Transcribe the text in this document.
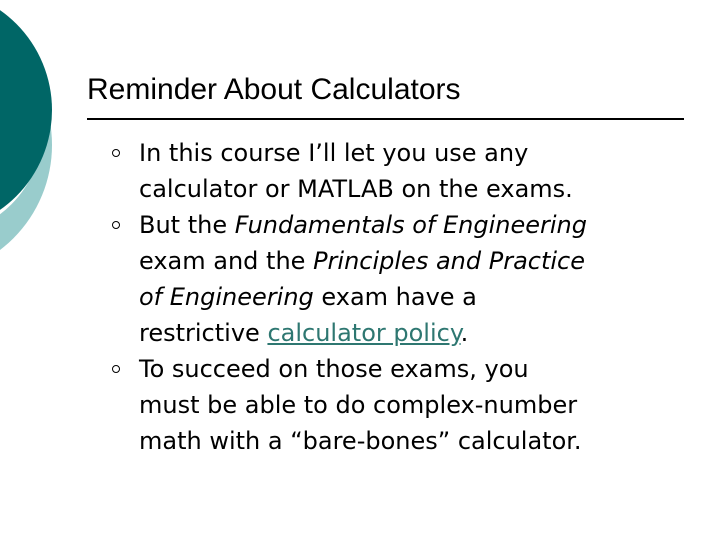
Reminder About Calculators
In this course I’ll let you use any
calculator or MATLAB on the exams.
But the Fundamentals of Engineering
exam and the Principles and Practice
of Engineering exam have a
restrictive calculator policy.
To succeed on those exams, you
must be able to do complex-number
math with a “bare-bones” calculator.
